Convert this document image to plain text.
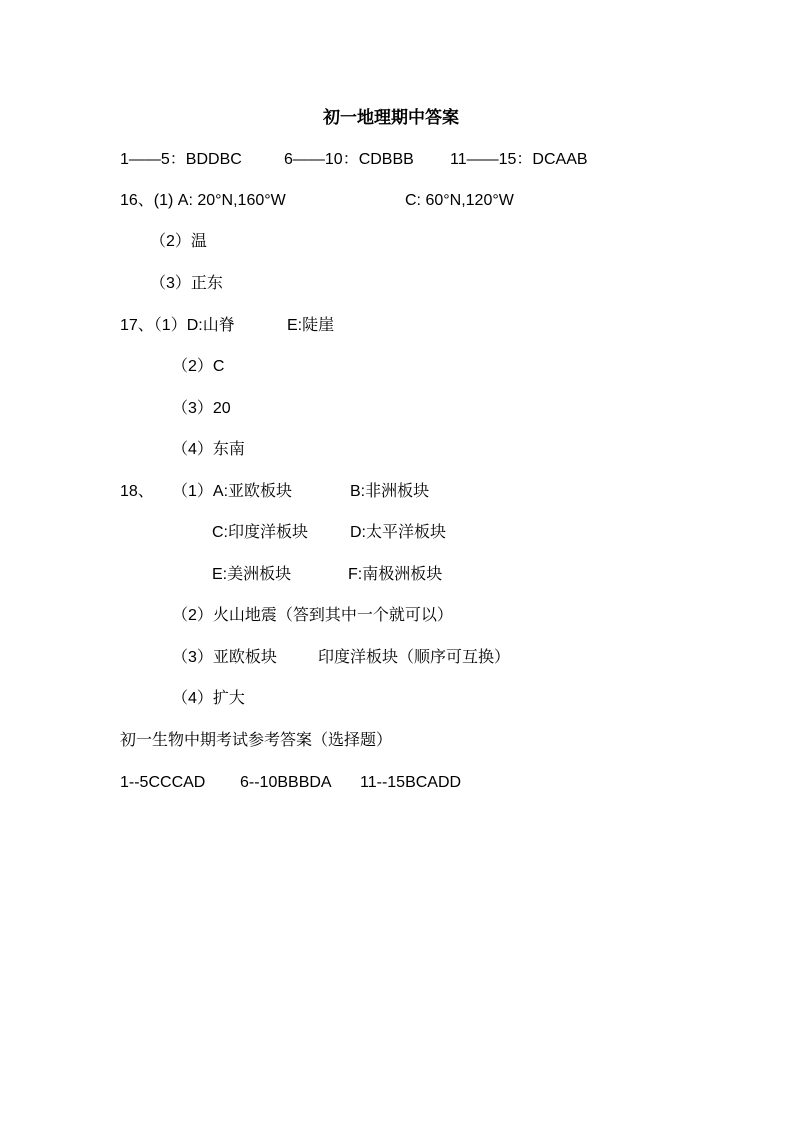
初一地理期中答案
1——5：BDDBC	6——10：CDBBB 11——15：DCAAB
16、(1) A: 20°N,160°W	C: 60°N,120°W
（2）温
（3）正东
17、（1）D:山脊	E:陡崖
（2）C
（3）20
（4）东南
18、 （1）A:亚欧板块	B:非洲板块
C:印度洋板块	D:太平洋板块
E:美洲板块	F:南极洲板块
（2）火山地震（答到其中一个就可以）
（3）亚欧板块	印度洋板块（顺序可互换）
（4）扩大
初一生物中期考试参考答案（选择题）
1--5CCCAD 6--10BBBDA 11--15BCADD
